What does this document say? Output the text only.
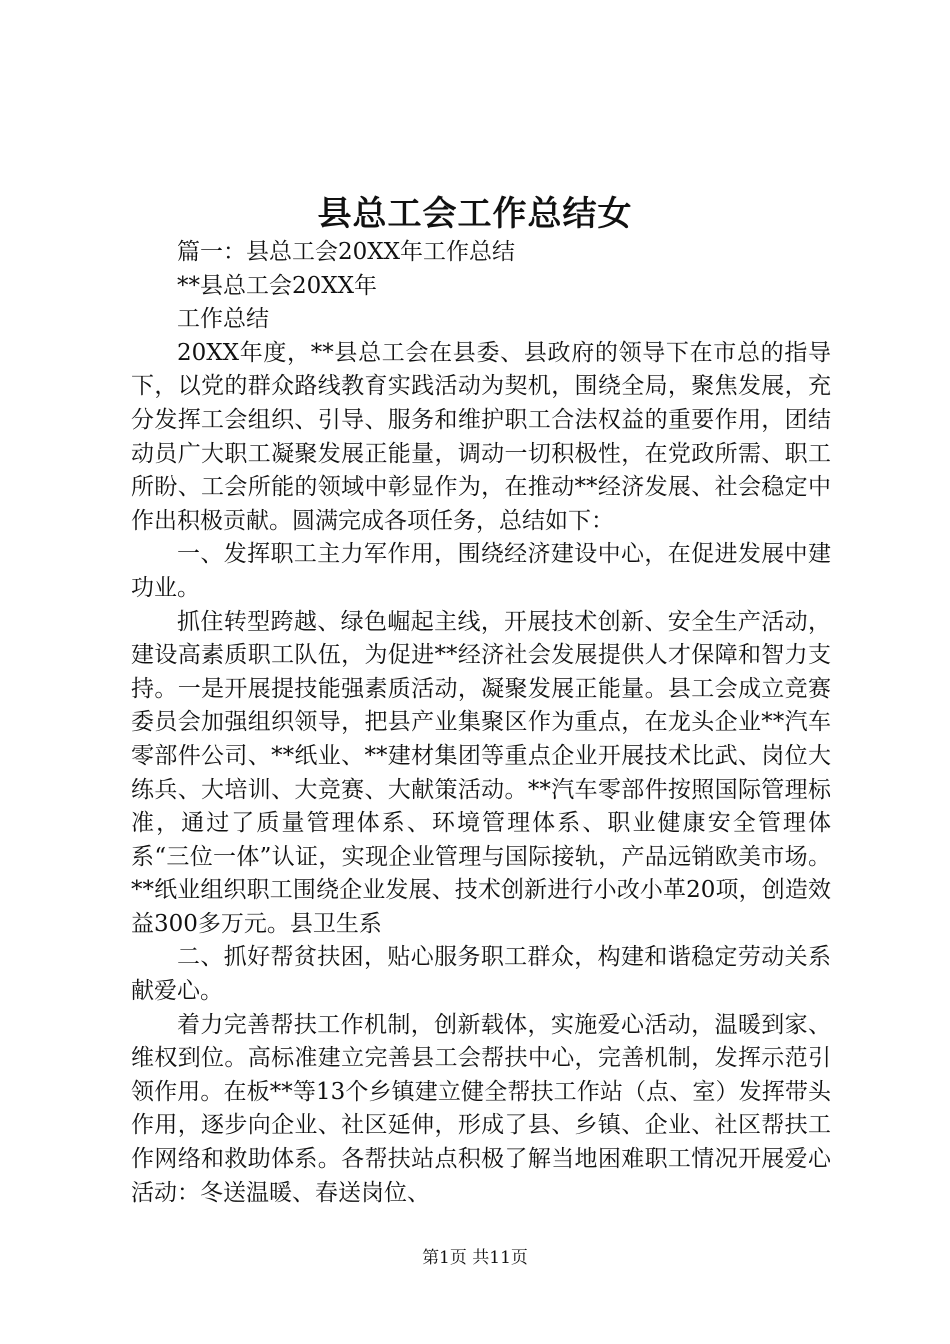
县总工会工作总结女

篇一：县总工会20XX年工作总结

**县总工会20XX年

工作总结

20XX年度，**县总工会在县委、县政府的领导下在市总的指导下，以党的群众路线教育实践活动为契机，围绕全局，聚焦发展，充分发挥工会组织、引导、服务和维护职工合法权益的重要作用，团结动员广大职工凝聚发展正能量，调动一切积极性，在党政所需、职工所盼、工会所能的领域中彰显作为，在推动**经济发展、社会稳定中作出积极贡献。圆满完成各项任务，总结如下：

一、发挥职工主力军作用，围绕经济建设中心，在促进发展中建功业。

抓住转型跨越、绿色崛起主线，开展技术创新、安全生产活动，建设高素质职工队伍，为促进**经济社会发展提供人才保障和智力支持。一是开展提技能强素质活动，凝聚发展正能量。县工会成立竞赛委员会加强组织领导，把县产业集聚区作为重点，在龙头企业**汽车零部件公司、**纸业、**建材集团等重点企业开展技术比武、岗位大练兵、大培训、大竞赛、大献策活动。**汽车零部件按照国际管理标准，通过了质量管理体系、环境管理体系、职业健康安全管理体系“三位一体”认证，实现企业管理与国际接轨，产品远销欧美市场。**纸业组织职工围绕企业发展、技术创新进行小改小革20项，创造效益300多万元。县卫生系

二、抓好帮贫扶困，贴心服务职工群众，构建和谐稳定劳动关系献爱心。

着力完善帮扶工作机制，创新载体，实施爱心活动，温暖到家、维权到位。高标准建立完善县工会帮扶中心，完善机制，发挥示范引领作用。在板**等13个乡镇建立健全帮扶工作站（点、室）发挥带头作用，逐步向企业、社区延伸，形成了县、乡镇、企业、社区帮扶工作网络和救助体系。各帮扶站点积极了解当地困难职工情况开展爱心活动：冬送温暖、春送岗位、

第1页 共11页
